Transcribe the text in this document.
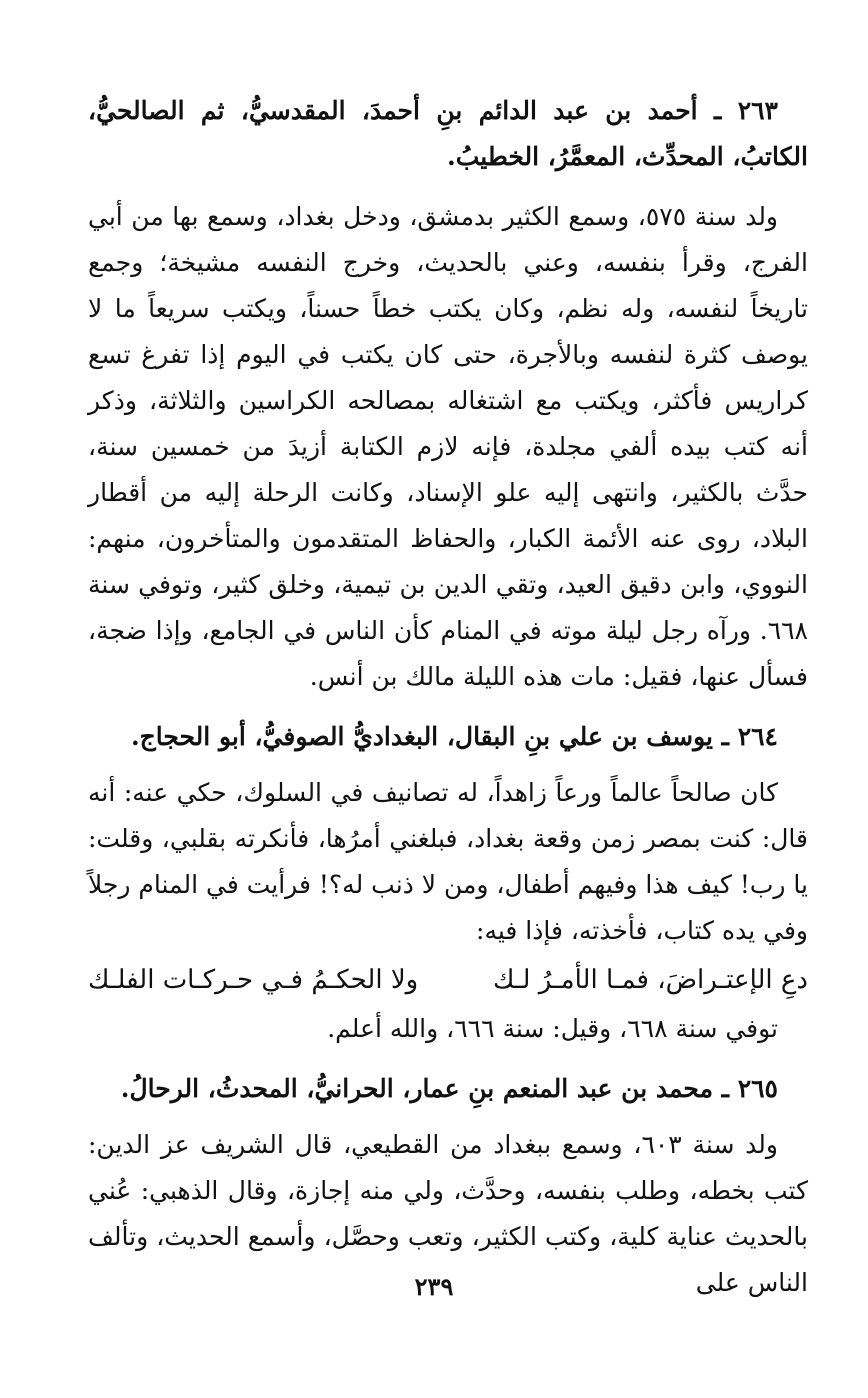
٢٦٣ ـ أحمد بن عبد الدائم بنِ أحمدَ، المقدسيُّ، ثم الصالحيُّ، الكاتبُ، المحدِّث، المعمَّرُ، الخطيبُ.

ولد سنة ٥٧٥، وسمع الكثير بدمشق، ودخل بغداد، وسمع بها من أبي الفرج، وقرأ بنفسه، وعني بالحديث، وخرج النفسه مشيخة؛ وجمع تاريخاً لنفسه، وله نظم، وكان يكتب خطاً حسناً، ويكتب سريعاً ما لا يوصف كثرة لنفسه وبالأجرة، حتى كان يكتب في اليوم إذا تفرغ تسع كراريس فأكثر، ويكتب مع اشتغاله بمصالحه الكراسين والثلاثة، وذكر أنه كتب بيده ألفي مجلدة، فإنه لازم الكتابة أزيدَ من خمسين سنة، حدَّث بالكثير، وانتهى إليه علو الإسناد، وكانت الرحلة إليه من أقطار البلاد، روى عنه الأئمة الكبار، والحفاظ المتقدمون والمتأخرون، منهم: النووي، وابن دقيق العيد، وتقي الدين بن تيمية، وخلق كثير، وتوفي سنة ٦٦٨. ورآه رجل ليلة موته في المنام كأن الناس في الجامع، وإذا ضجة، فسأل عنها، فقيل: مات هذه الليلة مالك بن أنس.

٢٦٤ ـ يوسف بن علي بنِ البقال، البغداديُّ الصوفيُّ، أبو الحجاج.

كان صالحاً عالماً ورعاً زاهداً، له تصانيف في السلوك، حكي عنه: أنه قال: كنت بمصر زمن وقعة بغداد، فبلغني أمرُها، فأنكرته بقلبي، وقلت: يا رب! كيف هذا وفيهم أطفال، ومن لا ذنب له؟! فرأيت في المنام رجلاً وفي يده كتاب، فأخذته، فإذا فيه:

دعِ الإعتـراضَ، فمـا الأمـرُ لـك
ولا الحكـمُ فـي حـركـات الفلـك

توفي سنة ٦٦٨، وقيل: سنة ٦٦٦، والله أعلم.

٢٦٥ ـ محمد بن عبد المنعم بنِ عمار، الحرانيُّ، المحدثُ، الرحالُ.

ولد سنة ٦٠٣، وسمع ببغداد من القطيعي، قال الشريف عز الدين: كتب بخطه، وطلب بنفسه، وحدَّث، ولي منه إجازة، وقال الذهبي: عُني بالحديث عناية كلية، وكتب الكثير، وتعب وحصَّل، وأسمع الحديث، وتألف الناس على

٢٣٩
